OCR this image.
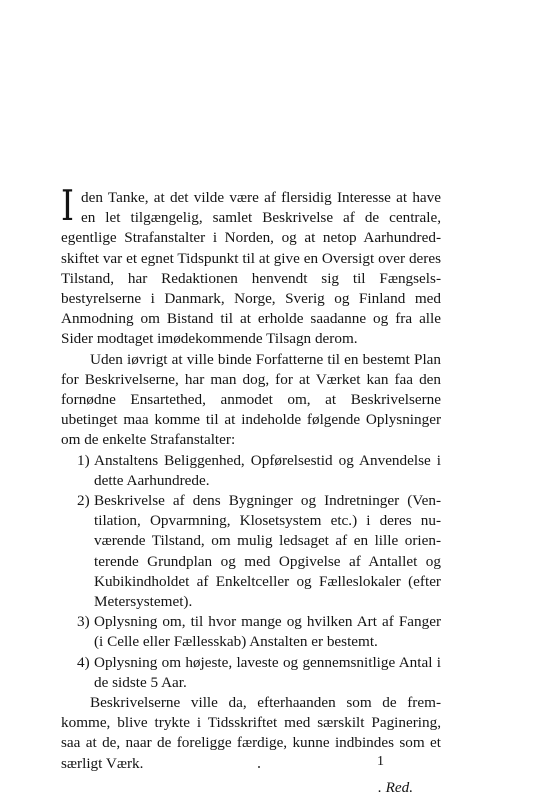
I den Tanke, at det vilde være af flersidig Interesse at have en let tilgængelig, samlet Beskrivelse af de centrale, egentlige Strafanstalter i Norden, og at netop Aarhundredskiftet var et egnet Tidspunkt til at give en Oversigt over deres Tilstand, har Redaktionen henvendt sig til Fængselsbestyrelserne i Danmark, Norge, Sverig og Finland med Anmodning om Bistand til at erholde saadanne og fra alle Sider modtaget imødekommende Tilsagn derom.

Uden iøvrigt at ville binde Forfatterne til en bestemt Plan for Beskrivelserne, har man dog, for at Værket kan faa den fornødne Ensartethed, anmodet om, at Beskrivelserne ubetinget maa komme til at indeholde følgende Oplysninger om de enkelte Strafanstalter:

1) Anstaltens Beliggenhed, Opførelsestid og Anvendelse i dette Aarhundrede.
2) Beskrivelse af dens Bygninger og Indretninger (Ventilation, Opvarmning, Klosetsystem etc.) i deres nuværende Tilstand, om mulig ledsaget af en lille orienterende Grundplan og med Opgivelse af Antallet og Kubikindholdet af Enkeltceller og Fælleslokaler (efter Metersystemet).
3) Oplysning om, til hvor mange og hvilken Art af Fanger (i Celle eller Fællesskab) Anstalten er bestemt.
4) Oplysning om højeste, laveste og gennemsnitlige Antal i de sidste 5 Aar.

Beskrivelserne ville da, efterhaanden som de fremkomme, blive trykte i Tidsskriftet med særskilt Paginering, saa at de, naar de foreligge færdige, kunne indbindes som et særligt Værk.

. Red.
1
